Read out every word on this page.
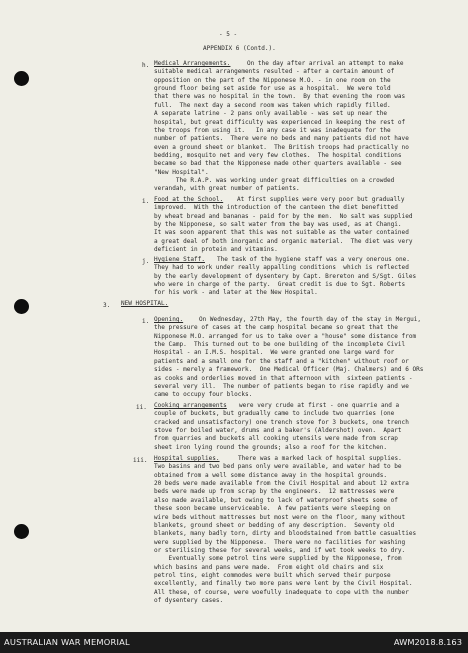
- 5 -
APPENDIX 6 (Contd.).
h. Medical Arrangements.	On the day after arrival an attempt to make
suitable medical arrangements resulted - after a certain amount of
opposition on the part of the Nipponese M.O. - in one room on the
ground floor being set aside for use as a hospital.  We were told
that there was no hospital in the town.  By that evening the room was
full.  The next day a second room was taken which rapidly filled.
A separate latrine - 2 pans only available - was set up near the
hospital, but great difficulty was experienced in keeping the rest of
the troops from using it.   In any case it was inadequate for the
number of patients.  There were no beds and many patients did not have
even a ground sheet or blanket.  The British troops had practically no
bedding, mosquito net and very few clothes.  The hospital conditions
became so bad that the Nipponese made other quarters available - see
"New Hospital".
The R.A.P. was working under great difficulties on a crowded
verandah, with great number of patients.
i. Food at the School. At first supplies were very poor but gradually
improved.  With the introduction of the canteen the diet benefitted
by wheat bread and bananas - paid for by the men.  No salt was supplied
by the Nipponese, so salt water from the bay was used, as at Changi.
It was soon apparent that this was not suitable as the water contained
a great deal of both inorganic and organic material.  The diet was very
deficient in protein and vitamins.
j. Hygiene Staff. The task of the hygiene staff was a very onerous one.
They had to work under really appalling conditions  which is reflected
by the early development of dysentery by Capt. Brereton and S/Sgt. Giles
who were in charge of the party.  Great credit is due to Sgt. Roberts
for his work - and later at the New Hospital.
3. NEW HOSPITAL.
i. Opening.	On Wednesday, 27th May, the fourth day of the stay in Mergui,
the pressure of cases at the camp hospital became so great that the
Nipponese M.O. arranged for us to take over a "house" some distance from
the Camp.  This turned out to be one building of the incomplete Civil
Hospital - an I.M.S. hospital.  We were granted one large ward for
patients and a small one for the staff and a "kitchen" without roof or
sides - merely a framework.  One Medical Officer (Maj. Chalmers) and 6 ORs
as cooks and orderlies moved in that afternoon with  sixteen patients -
several very ill.  The number of patients began to rise rapidly and we
came to occupy four blocks.
ii. Cooking arrangements were very crude at first - one quarrie and a
couple of buckets, but gradually came to include two quarries (one
cracked and unsatisfactory) one trench stove for 3 buckets, one trench
stove for boiled water, drums and a baker's (Aldershot) oven.  Apart
from quarries and buckets all cooking utensils were made from scrap
sheet iron lying round the grounds; also a roof for the kitchen.
iii. Hospital supplies.	There was a marked lack of hospital supplies.
Two basins and two bed pans only were available, and water had to be
obtained from a well some distance away in the hospital grounds.
20 beds were made available from the Civil Hospital and about 12 extra
beds were made up from scrap by the engineers.  12 mattresses were
also made available, but owing to lack of waterproof sheets some of
these soon became unserviceable.  A few patients were sleeping on
wire beds without mattresses but most were on the floor, many without
blankets, ground sheet or bedding of any description.  Seventy old
blankets, many badly torn, dirty and bloodstained from battle casualties
were supplied by the Nipponese.  There were no facilities for washing
or sterilising these for several weeks, and if wet took weeks to dry.
Eventually some petrol tins were supplied by the Nipponese, from
which basins and pans were made.  From eight old chairs and six
petrol tins, eight commodes were built which served their purpose
excellently, and finally two more pans were lent by the Civil Hospital.
All these, of course, were woefully inadequate to cope with the number
of dysentery cases.
AUSTRALIAN WAR MEMORIAL	AWM2018.8.163
